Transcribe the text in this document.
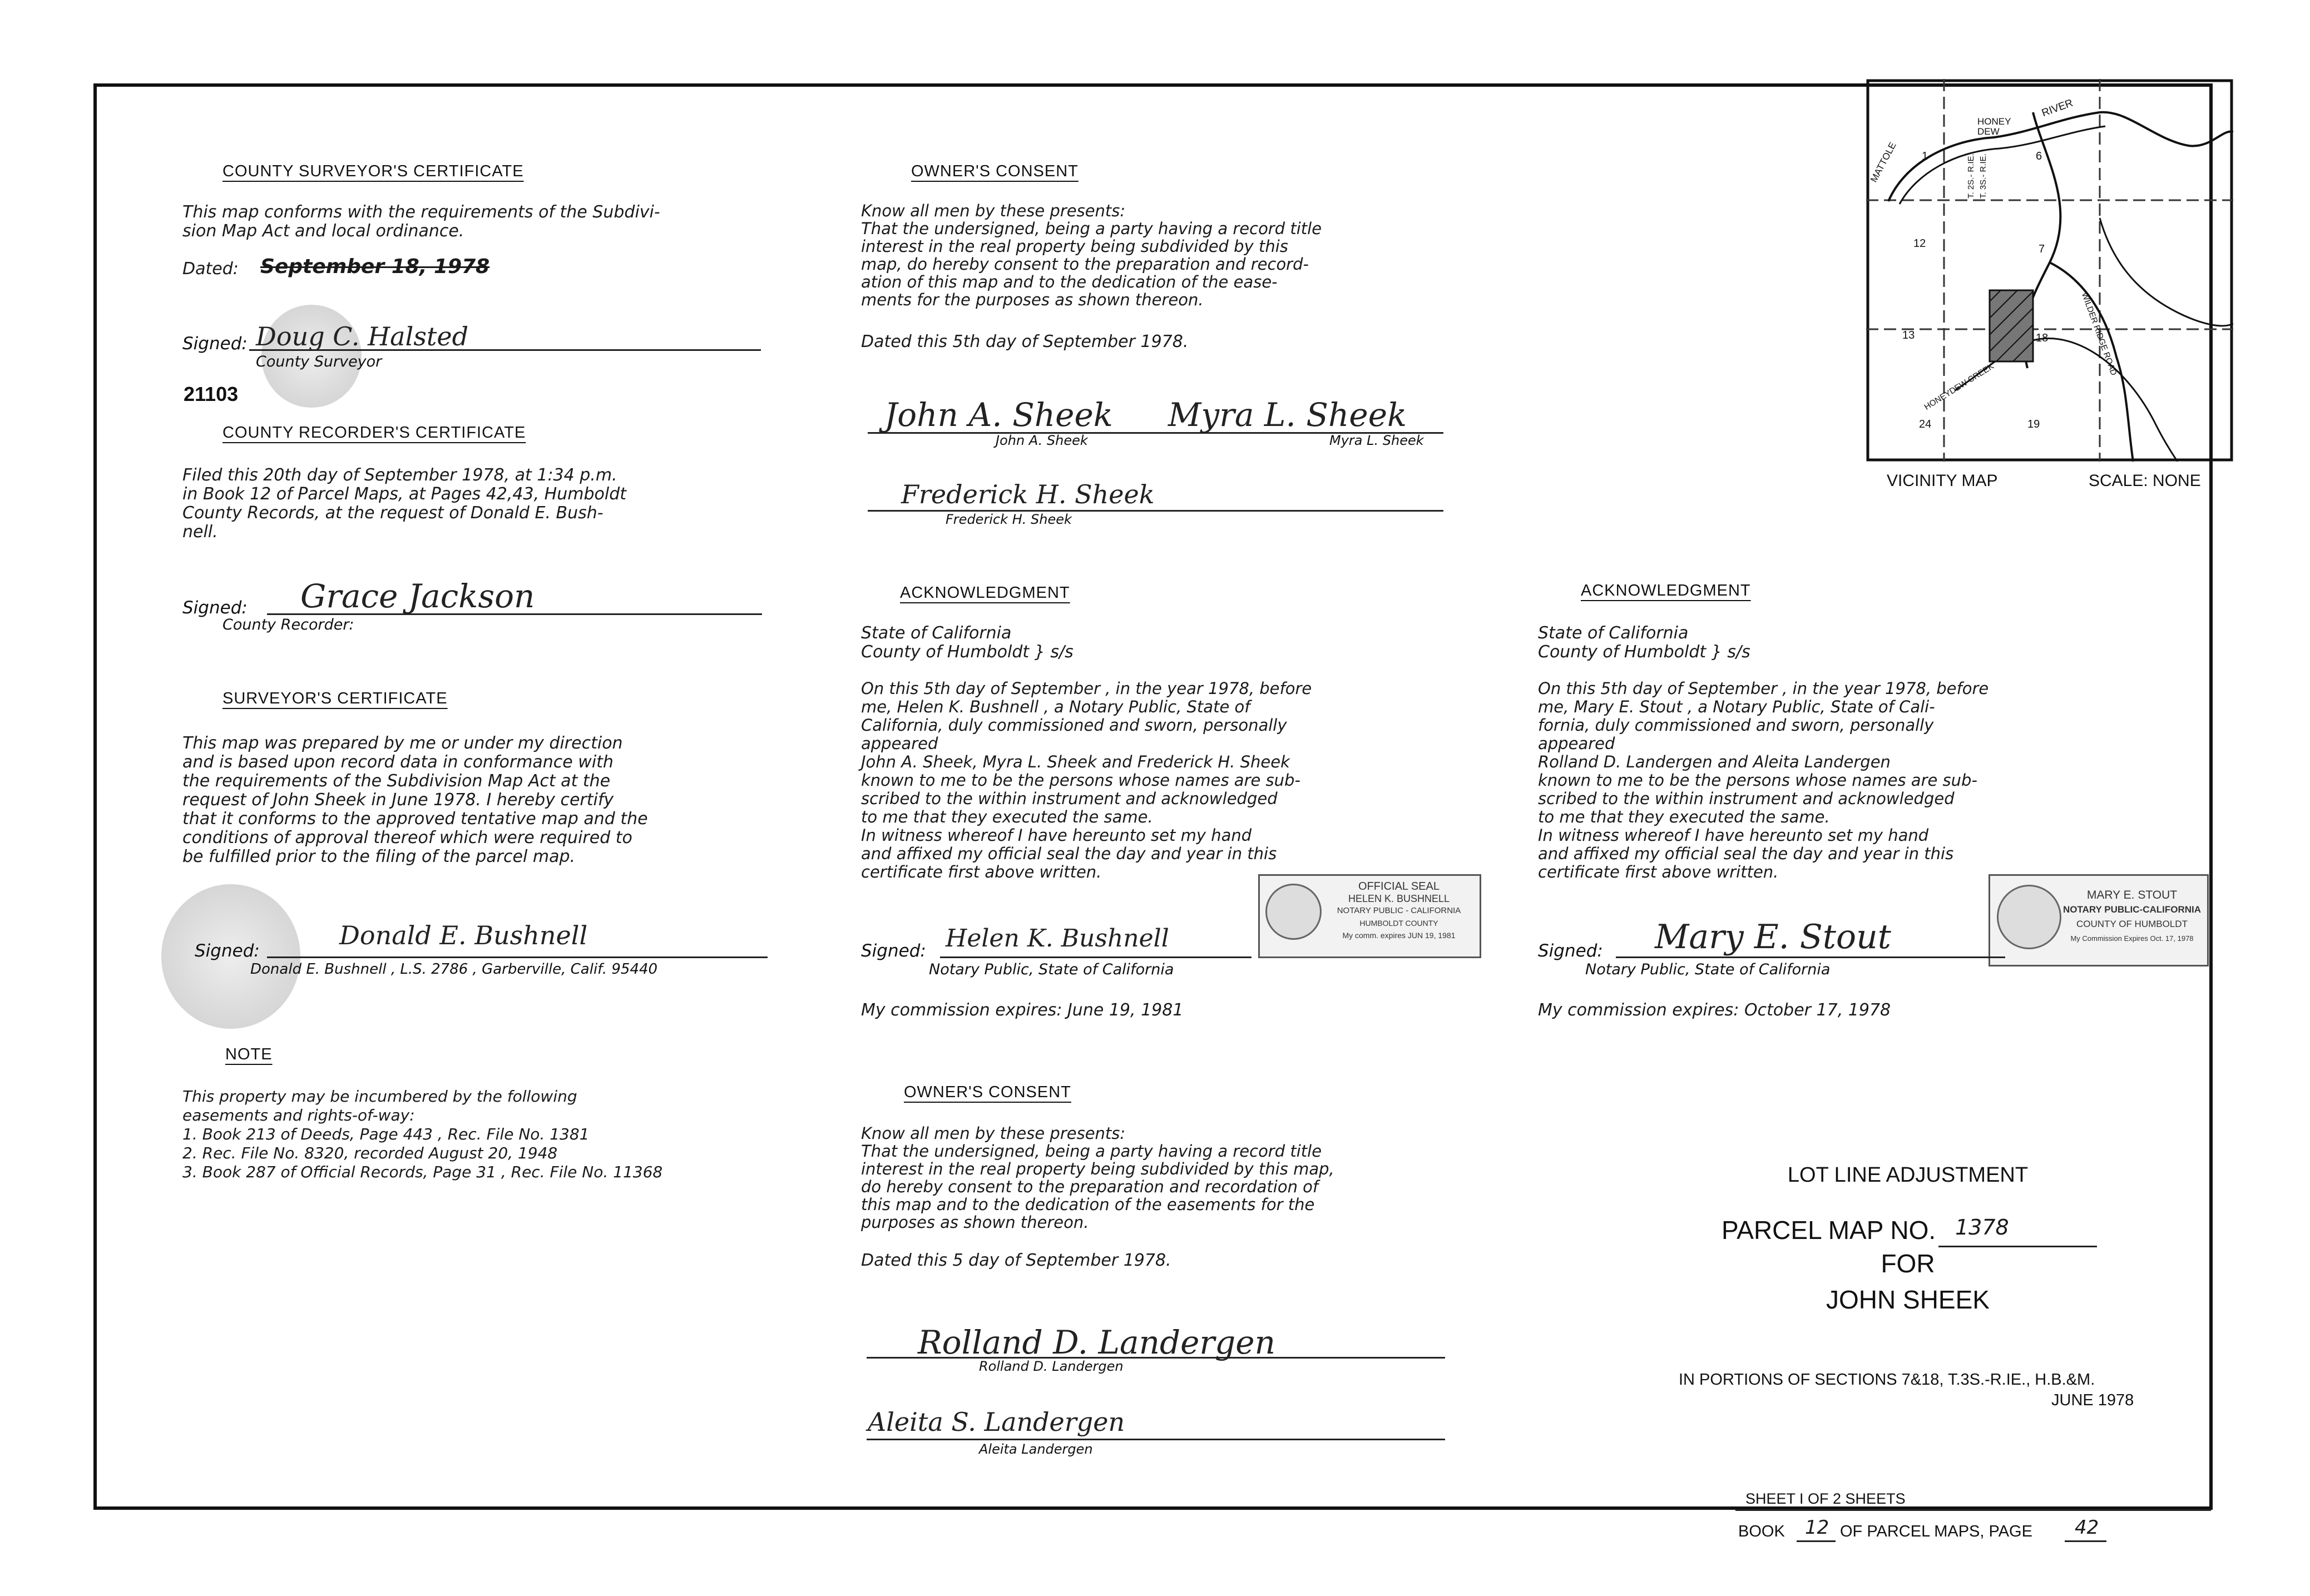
COUNTY SURVEYOR'S CERTIFICATE
This map conforms with the requirements of the Subdivi-
sion Map Act and local ordinance.
Dated: September 18, 1978
Signed: Doug C. Halsted
County Surveyor
21103
COUNTY RECORDER'S CERTIFICATE
Filed this 20th day of September 1978, at 1:34 p.m.
in Book 12 of Parcel Maps, at Pages 42,43, Humboldt
County Records, at the request of Donald E. Bush-
nell.
Signed: Grace Jackson
County Recorder:
SURVEYOR'S CERTIFICATE
This map was prepared by me or under my direction
and is based upon record data in conformance with
the requirements of the Subdivision Map Act at the
request of John Sheek in June 1978. I hereby certify
that it conforms to the approved tentative map and the
conditions of approval thereof which were required to
be fulfilled prior to the filing of the parcel map.
Signed:
Donald E. Bushnell
Donald E. Bushnell , L.S. 2786 , Garberville, Calif. 95440
NOTE
This property may be incumbered by the following
easements and rights-of-way:
1. Book 213 of Deeds, Page 443 , Rec. File No. 1381
2. Rec. File No. 8320, recorded August 20, 1948
3. Book 287 of Official Records, Page 31 , Rec. File No. 11368
OWNER'S CONSENT
Know all men by these presents:
That the undersigned, being a party having a record title
interest in the real property being subdivided by this
map, do hereby consent to the preparation and record-
ation of this map and to the dedication of the ease-
ments for the purposes as shown thereon.
Dated this 5th day of September 1978.
John A. Sheek Myra L. Sheek
John A. Sheek	Myra L. Sheek
Frederick H. Sheek
Frederick H. Sheek
ACKNOWLEDGMENT
State of California
County of Humboldt } s/s
On this 5th day of September , in the year 1978, before
me, Helen K. Bushnell , a Notary Public, State of
California, duly commissioned and sworn, personally
appeared
John A. Sheek, Myra L. Sheek and Frederick H. Sheek
known to me to be the persons whose names are sub-
scribed to the within instrument and acknowledged
to me that they executed the same.
In witness whereof I have hereunto set my hand
and affixed my official seal the day and year in this
certificate first above written.
OFFICIAL SEAL
HELEN K. BUSHNELL
NOTARY PUBLIC - CALIFORNIA
HUMBOLDT COUNTY
My comm. expires JUN 19, 1981
Signed: Helen K. Bushnell
Notary Public, State of California
My commission expires: June 19, 1981
OWNER'S CONSENT
Know all men by these presents:
That the undersigned, being a party having a record title
interest in the real property being subdivided by this map,
do hereby consent to the preparation and recordation of
this map and to the dedication of the easements for the
purposes as shown thereon.
Dated this 5 day of September 1978.
Rolland D. Landergen
Rolland D. Landergen
Aleita S. Landergen
Aleita Landergen
HONEY DEW
RIVER
MATTOLE 1	6
12	7
13	18
24	19
T. 2S.- R.IE. T. 3S.- R.IE.
HONEYDEW CREEK
WILDER RIDGE ROAD
VICINITY MAP	SCALE: NONE
ACKNOWLEDGMENT
State of California
County of Humboldt } s/s
On this 5th day of September , in the year 1978, before
me, Mary E. Stout , a Notary Public, State of Cali-
fornia, duly commissioned and sworn, personally
appeared
Rolland D. Landergen and Aleita Landergen
known to me to be the persons whose names are sub-
scribed to the within instrument and acknowledged
to me that they executed the same.
In witness whereof I have hereunto set my hand
and affixed my official seal the day and year in this
certificate first above written.
MARY E. STOUT
NOTARY PUBLIC-CALIFORNIA
COUNTY OF HUMBOLDT
My Commission Expires Oct. 17, 1978
Signed: Mary E. Stout
Notary Public, State of California
My commission expires: October 17, 1978
LOT LINE ADJUSTMENT
PARCEL MAP NO. 1378
FOR
JOHN SHEEK
IN PORTIONS OF SECTIONS 7&18, T.3S.-R.IE., H.B.&M.
JUNE 1978
SHEET I OF 2 SHEETS
BOOK 12 OF PARCEL MAPS, PAGE 42
